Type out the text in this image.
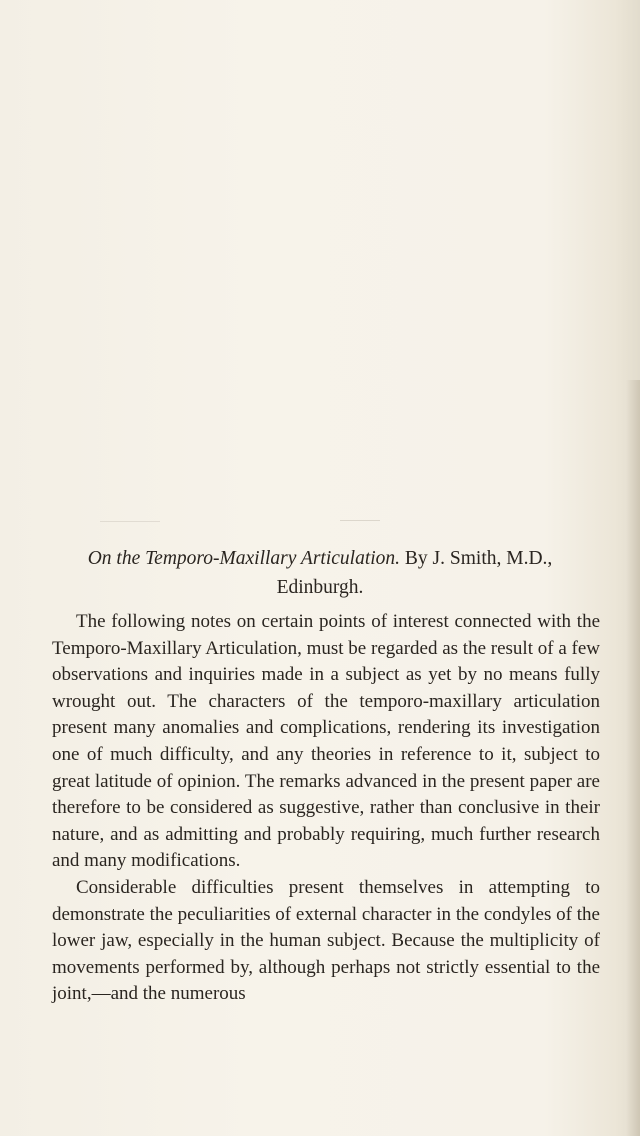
On the Temporo-Maxillary Articulation. By J. Smith, M.D.,
Edinburgh.

The following notes on certain points of interest connected with the Temporo-Maxillary Articulation, must be regarded as the result of a few observations and inquiries made in a subject as yet by no means fully wrought out. The characters of the temporo-maxillary articulation present many anomalies and complications, rendering its investigation one of much difficulty, and any theories in reference to it, subject to great latitude of opinion. The remarks advanced in the present paper are therefore to be considered as suggestive, rather than conclusive in their nature, and as admitting and probably requiring, much further research and many modifications.

Considerable difficulties present themselves in attempting to demonstrate the peculiarities of external character in the condyles of the lower jaw, especially in the human subject. Because the multiplicity of movements performed by, although perhaps not strictly essential to the joint,—and the numerous
